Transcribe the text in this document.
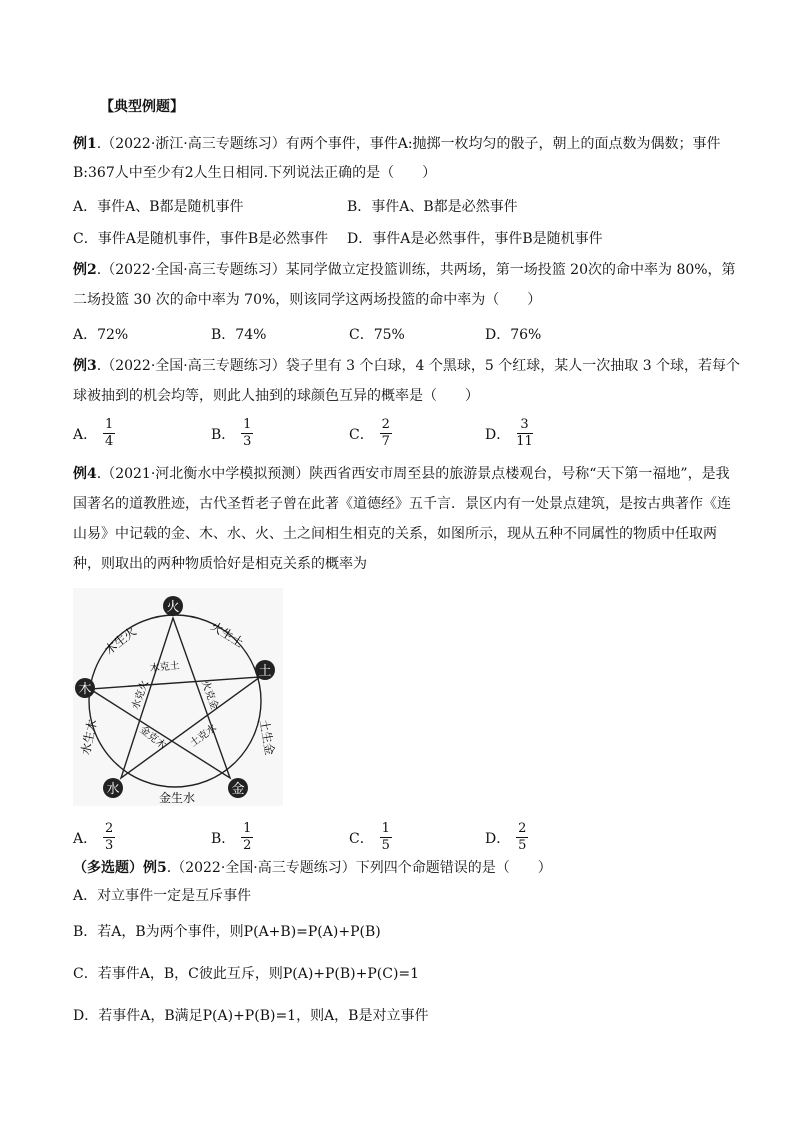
【典型例题】
例1.（2022·浙江·高三专题练习）有两个事件，事件A:抛掷一枚均匀的骰子，朝上的面点数为偶数；事件
B:367人中至少有2人生日相同.下列说法正确的是（　　）
A．事件A、B都是随机事件	B．事件A、B都是必然事件
C．事件A是随机事件，事件B是必然事件 D．事件A是必然事件，事件B是随机事件
例2.（2022·全国·高三专题练习）某同学做立定投篮训练，共两场，第一场投篮 20次的命中率为 80%，第
二场投篮 30 次的命中率为 70%，则该同学这两场投篮的命中率为（　　）
A．72%	B．74%	C．75%	D．76%
例3.（2022·全国·高三专题练习）袋子里有 3 个白球，4 个黑球，5 个红球，某人一次抽取 3 个球，若每个
球被抽到的机会均等，则此人抽到的球颜色互异的概率是（　　）
A． $\frac{1}{4}$	B． $\frac{1}{3}$	C． $\frac{2}{7}$	D． $\frac{3}{11}$
例4.（2021·河北衡水中学模拟预测）陕西省西安市周至县的旅游景点楼观台，号称“天下第一福地”，是我
国著名的道教胜迹，古代圣哲老子曾在此著《道德经》五千言．景区内有一处景点建筑，是按古典著作《连
山易》中记载的金、木、水、火、土之间相生相克的关系，如图所示，现从五种不同属性的物质中任取两
种，则取出的两种物质恰好是相克关系的概率为
火
土
金
水
木
木生火	火生土
土生金
金生水
水生木
木克土
火克金
土克水
金克木
水克火
A． $\frac{2}{3}$	B． $\frac{1}{2}$	C． $\frac{1}{5}$	D． $\frac{2}{5}$
（多选题）例5.（2022·全国·高三专题练习）下列四个命题错误的是（　　）
A．对立事件一定是互斥事件
B．若A，B为两个事件，则P(A+B)=P(A)+P(B)
C．若事件A，B，C彼此互斥，则P(A)+P(B)+P(C)=1
D．若事件A，B满足P(A)+P(B)=1，则A，B是对立事件
